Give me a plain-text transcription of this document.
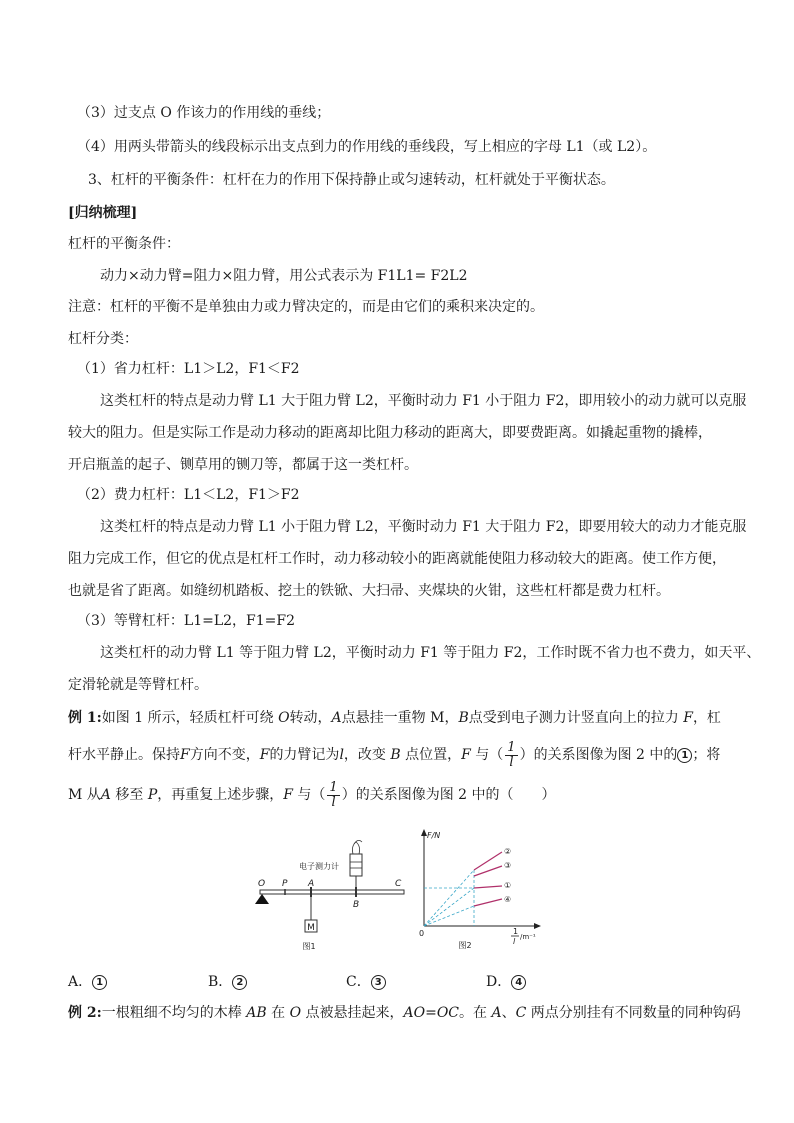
（3）过支点 O 作该力的作用线的垂线；
（4）用两头带箭头的线段标示出支点到力的作用线的垂线段，写上相应的字母 L1（或 L2）。
3、杠杆的平衡条件：杠杆在力的作用下保持静止或匀速转动，杠杆就处于平衡状态。
[归纳梳理]
杠杆的平衡条件：
动力×动力臂=阻力×阻力臂，用公式表示为 F1L1= F2L2
注意：杠杆的平衡不是单独由力或力臂决定的，而是由它们的乘积来决定的。
杠杆分类：
（1）省力杠杆：L1＞L2，F1＜F2
这类杠杆的特点是动力臂 L1 大于阻力臂 L2，平衡时动力 F1 小于阻力 F2，即用较小的动力就可以克服
较大的阻力。但是实际工作是动力移动的距离却比阻力移动的距离大，即要费距离。如撬起重物的撬棒，
开启瓶盖的起子、铡草用的铡刀等，都属于这一类杠杆。
（2）费力杠杆：L1＜L2，F1＞F2
这类杠杆的特点是动力臂 L1 小于阻力臂 L2，平衡时动力 F1 大于阻力 F2，即要用较大的动力才能克服
阻力完成工作，但它的优点是杠杆工作时，动力移动较小的距离就能使阻力移动较大的距离。使工作方便，
也就是省了距离。如缝纫机踏板、挖土的铁锨、大扫帚、夹煤块的火钳，这些杠杆都是费力杠杆。
（3）等臂杠杆：L1=L2，F1=F2
这类杠杆的动力臂 L1 等于阻力臂 L2，平衡时动力 F1 等于阻力 F2，工作时既不省力也不费力，如天平、
定滑轮就是等臂杠杆。
例 1:如图 1 所示，轻质杠杆可绕 O转动，A点悬挂一重物 M，B点受到电子测力计竖直向上的拉力 F，杠
杆水平静止。保持F方向不变，F的力臂记为l，改变 B 点位置，F 与（ $\frac{1}{l}$ ）的关系图像为图 2 中的 1 ；将
M 从A 移至 P，再重复上述步骤，F 与（ $\frac{1}{l}$ ）的关系图像为图 2 中的（　　）
M
电子测力计
O P A
B
C
图1
F/N
0	1
l /m⁻¹
②
③
①
④
图2
A． 1	B． 2	C． 3	D． 4
例 2:一根粗细不均匀的木棒 AB 在 O 点被悬挂起来，AO=OC。在 A、C 两点分别挂有不同数量的同种钩码
